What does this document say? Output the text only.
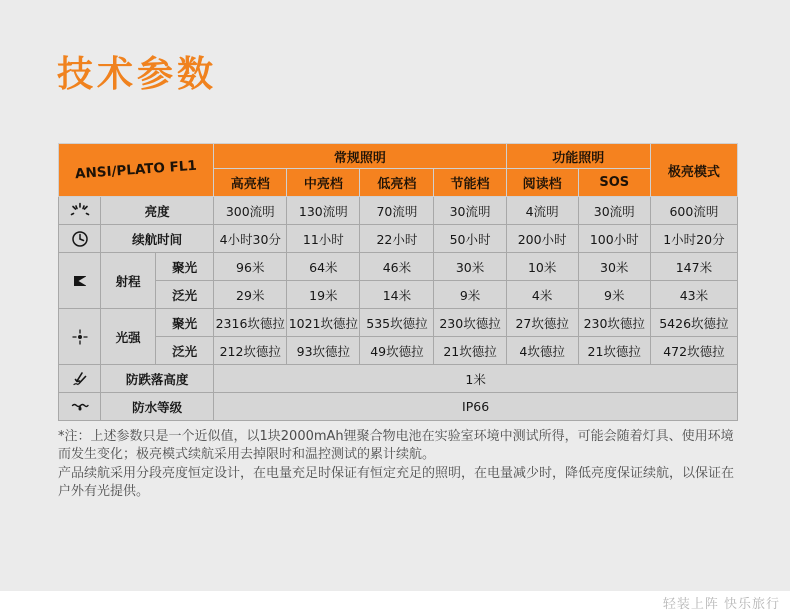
技术参数
ANSI/PLATO FL1			常规照明				功能照明		极亮模式
			高亮档	中亮档	低亮档	节能档	阅读档	SOS	

	亮度		300流明	130流明	70流明	30流明	4流明	30流明	600流明

	续航时间		4小时30分	11小时	22小时	50小时	200小时	100小时	1小时20分

	射程	聚光	96米	64米	46米	30米	10米	30米	147米
		泛光	29米	19米	14米	9米	4米	9米	43米

	光强	聚光	2316坎德拉	1021坎德拉	535坎德拉	230坎德拉	27坎德拉	230坎德拉	5426坎德拉
		泛光	212坎德拉	93坎德拉	49坎德拉	21坎德拉	4坎德拉	21坎德拉	472坎德拉

	防跌落高度		1米						

	防水等级		IP66						

*注：上述参数只是一个近似值，以1块2000mAh锂聚合物电池在实验室环境中测试所得，可能会随着灯具、使用环境而发生变化；极亮模式续航采用去掉限时和温控测试的累计续航。

产品续航采用分段亮度恒定设计，在电量充足时保证有恒定充足的照明，在电量减少时，降低亮度保证续航，以保证在户外有光提供。

轻装上阵 快乐旅行
